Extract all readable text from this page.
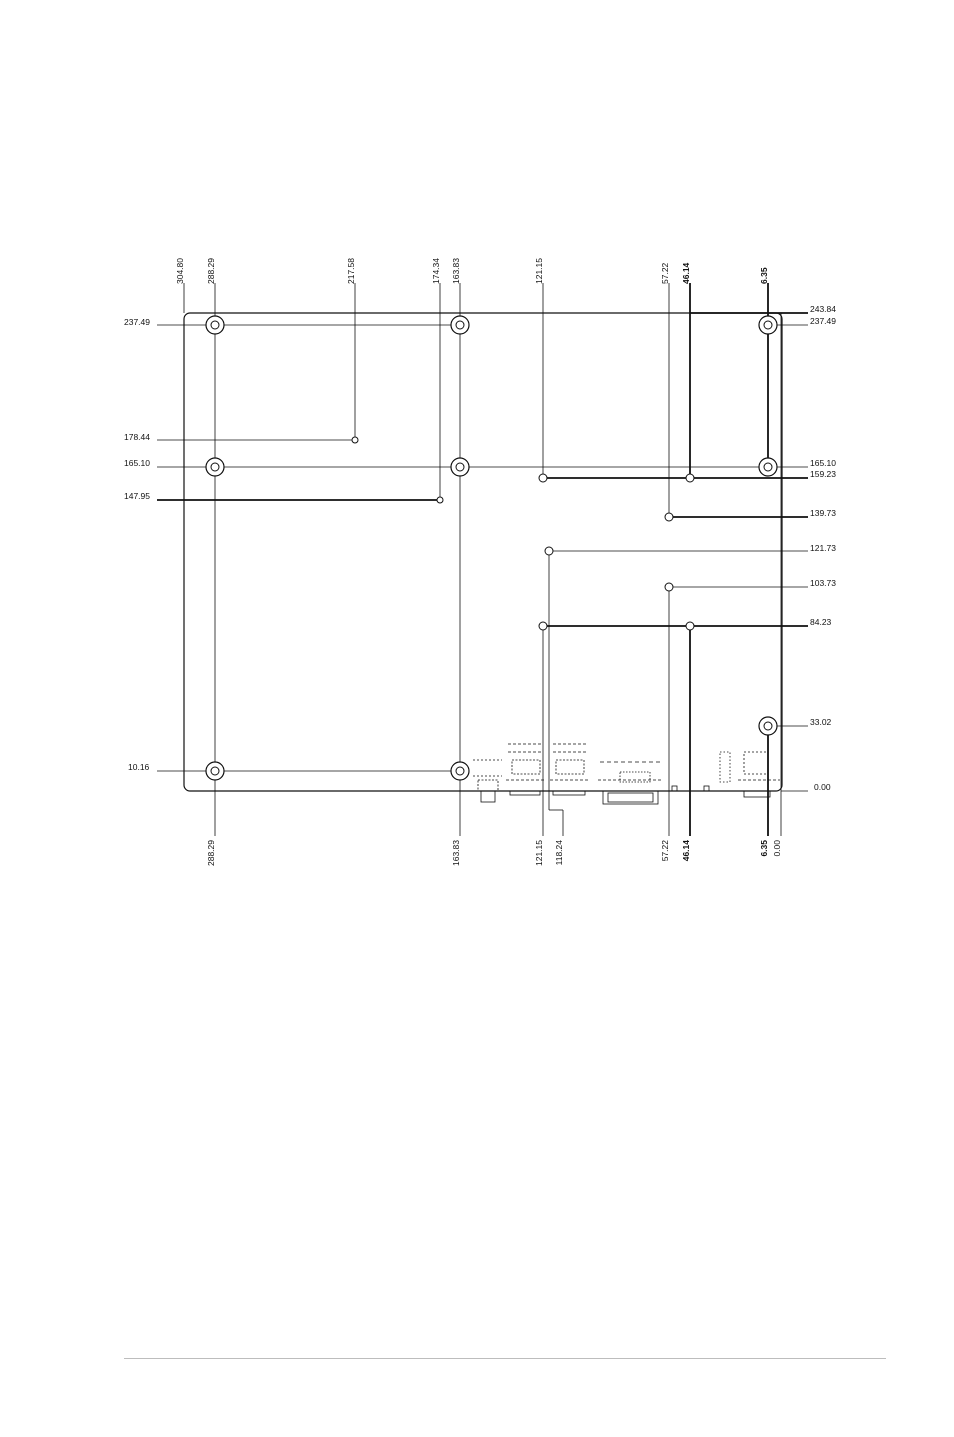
304.80 288.29	217.58	174.34 163.83	121.15	57.22 46.14	6.35
288.29	163.83	121.15 118.24	57.22 46.14	6.35 0.00
237.49
178.44
165.10
147.95
10.16
243.84
237.49
165.10
159.23
139.73
121.73
103.73
84.23
33.02
0.00
